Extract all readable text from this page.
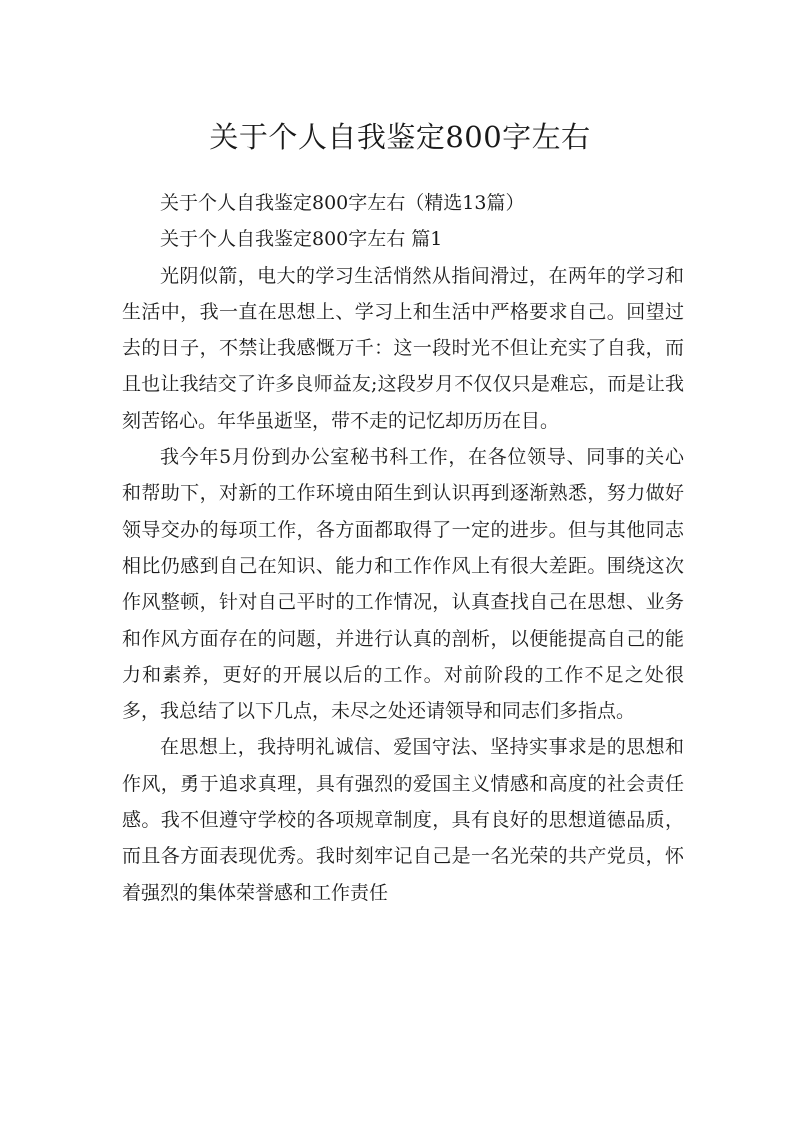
关于个人自我鉴定800字左右

关于个人自我鉴定800字左右（精选13篇）

关于个人自我鉴定800字左右 篇1

光阴似箭，电大的学习生活悄然从指间滑过，在两年的学习和生活中，我一直在思想上、学习上和生活中严格要求自己。回望过去的日子，不禁让我感慨万千：这一段时光不但让充实了自我，而且也让我结交了许多良师益友;这段岁月不仅仅只是难忘，而是让我刻苦铭心。年华虽逝坚，带不走的记忆却历历在目。

我今年5月份到办公室秘书科工作，在各位领导、同事的关心和帮助下，对新的工作环境由陌生到认识再到逐渐熟悉，努力做好领导交办的每项工作，各方面都取得了一定的进步。但与其他同志相比仍感到自己在知识、能力和工作作风上有很大差距。围绕这次作风整顿，针对自己平时的工作情况，认真查找自己在思想、业务和作风方面存在的问题，并进行认真的剖析，以便能提高自己的能力和素养，更好的开展以后的工作。对前阶段的工作不足之处很多，我总结了以下几点，未尽之处还请领导和同志们多指点。

在思想上，我持明礼诚信、爱国守法、坚持实事求是的思想和作风，勇于追求真理，具有强烈的爱国主义情感和高度的社会责任感。我不但遵守学校的各项规章制度，具有良好的思想道德品质，而且各方面表现优秀。我时刻牢记自己是一名光荣的共产党员，怀着强烈的集体荣誉感和工作责任
